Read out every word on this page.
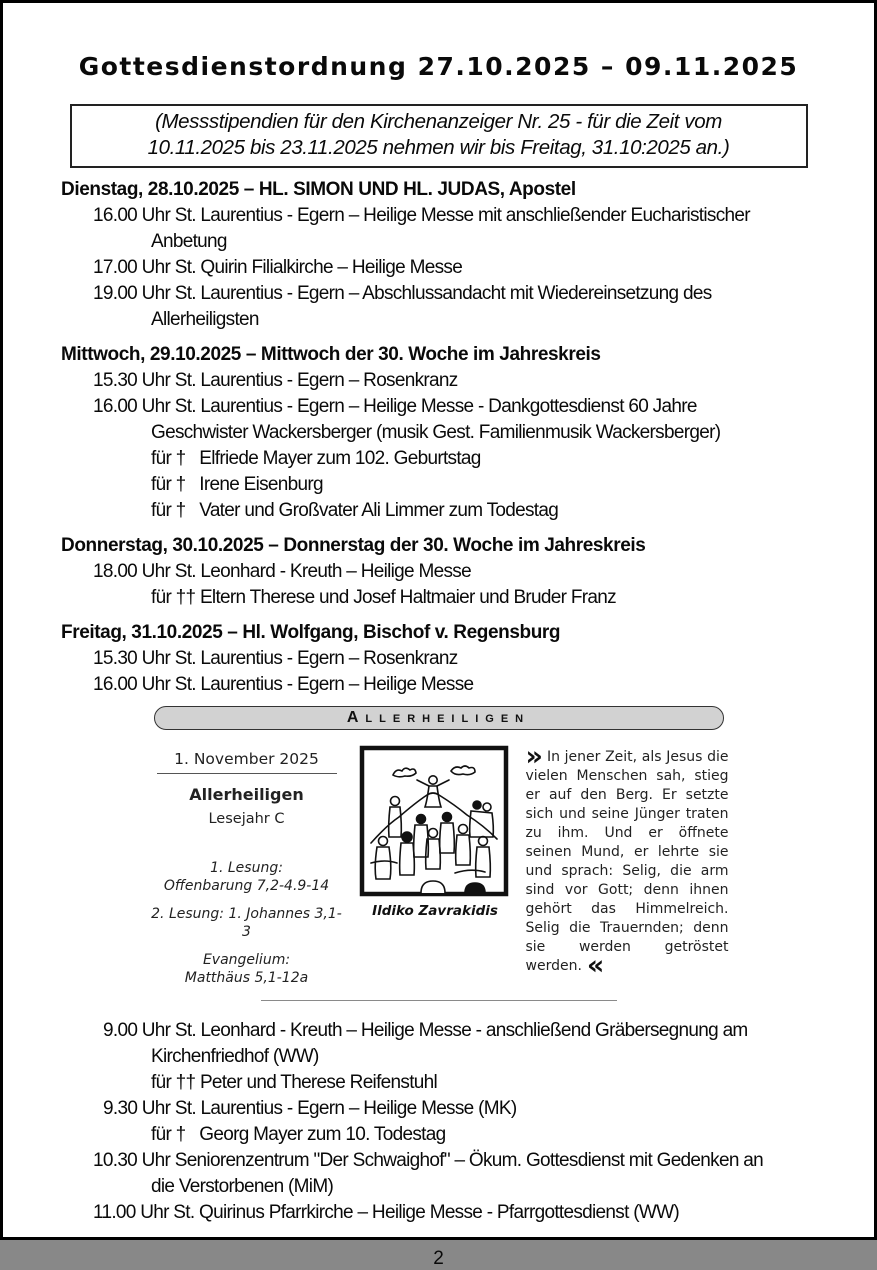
Gottesdienstordnung 27.10.2025 – 09.11.2025
(Messstipendien für den Kirchenanzeiger Nr. 25 - für die Zeit vom
10.11.2025 bis 23.11.2025 nehmen wir bis Freitag, 31.10:2025 an.)
Dienstag, 28.10.2025 – HL. SIMON UND HL. JUDAS, Apostel
16.00 Uhr St. Laurentius - Egern – Heilige Messe mit anschließender Eucharistischer
Anbetung
17.00 Uhr St. Quirin Filialkirche – Heilige Messe
19.00 Uhr St. Laurentius - Egern – Abschlussandacht mit Wiedereinsetzung des
Allerheiligsten
Mittwoch, 29.10.2025 – Mittwoch der 30. Woche im Jahreskreis
15.30 Uhr St. Laurentius - Egern – Rosenkranz
16.00 Uhr St. Laurentius - Egern – Heilige Messe - Dankgottesdienst 60 Jahre
Geschwister Wackersberger (musik Gest. Familienmusik Wackersberger)
für †   Elfriede Mayer zum 102. Geburtstag
für †   Irene Eisenburg
für †   Vater und Großvater Ali Limmer zum Todestag
Donnerstag, 30.10.2025 – Donnerstag der 30. Woche im Jahreskreis
18.00 Uhr St. Leonhard - Kreuth – Heilige Messe
für †† Eltern Therese und Josef Haltmaier und Bruder Franz
Freitag, 31.10.2025 – Hl. Wolfgang, Bischof v. Regensburg
15.30 Uhr St. Laurentius - Egern – Rosenkranz
16.00 Uhr St. Laurentius - Egern – Heilige Messe
Allerheiligen
1. November 2025
Allerheiligen
Lesejahr C
1. Lesung:
Offenbarung 7,2-4.9-14
2. Lesung: 1. Johannes 3,1-3
Evangelium:
Matthäus 5,1-12a
Ildiko Zavrakidis
» In jener Zeit, als Jesus die vielen Menschen sah, stieg er auf den Berg. Er setzte sich und seine Jünger traten zu ihm. Und er öffnete seinen Mund, er lehrte sie und sprach: Selig, die arm sind vor Gott; denn ihnen gehört das Himmelreich. Selig die Trauernden; denn sie werden getröstet werden. «
9.00 Uhr St. Leonhard - Kreuth – Heilige Messe - anschließend Gräbersegnung am
Kirchenfriedhof (WW)
für †† Peter und Therese Reifenstuhl
9.30 Uhr St. Laurentius - Egern – Heilige Messe (MK)
für †   Georg Mayer zum 10. Todestag
10.30 Uhr Seniorenzentrum "Der Schwaighof" – Ökum. Gottesdienst mit Gedenken an
die Verstorbenen (MiM)
11.00 Uhr St. Quirinus Pfarrkirche – Heilige Messe - Pfarrgottesdienst (WW)
2
